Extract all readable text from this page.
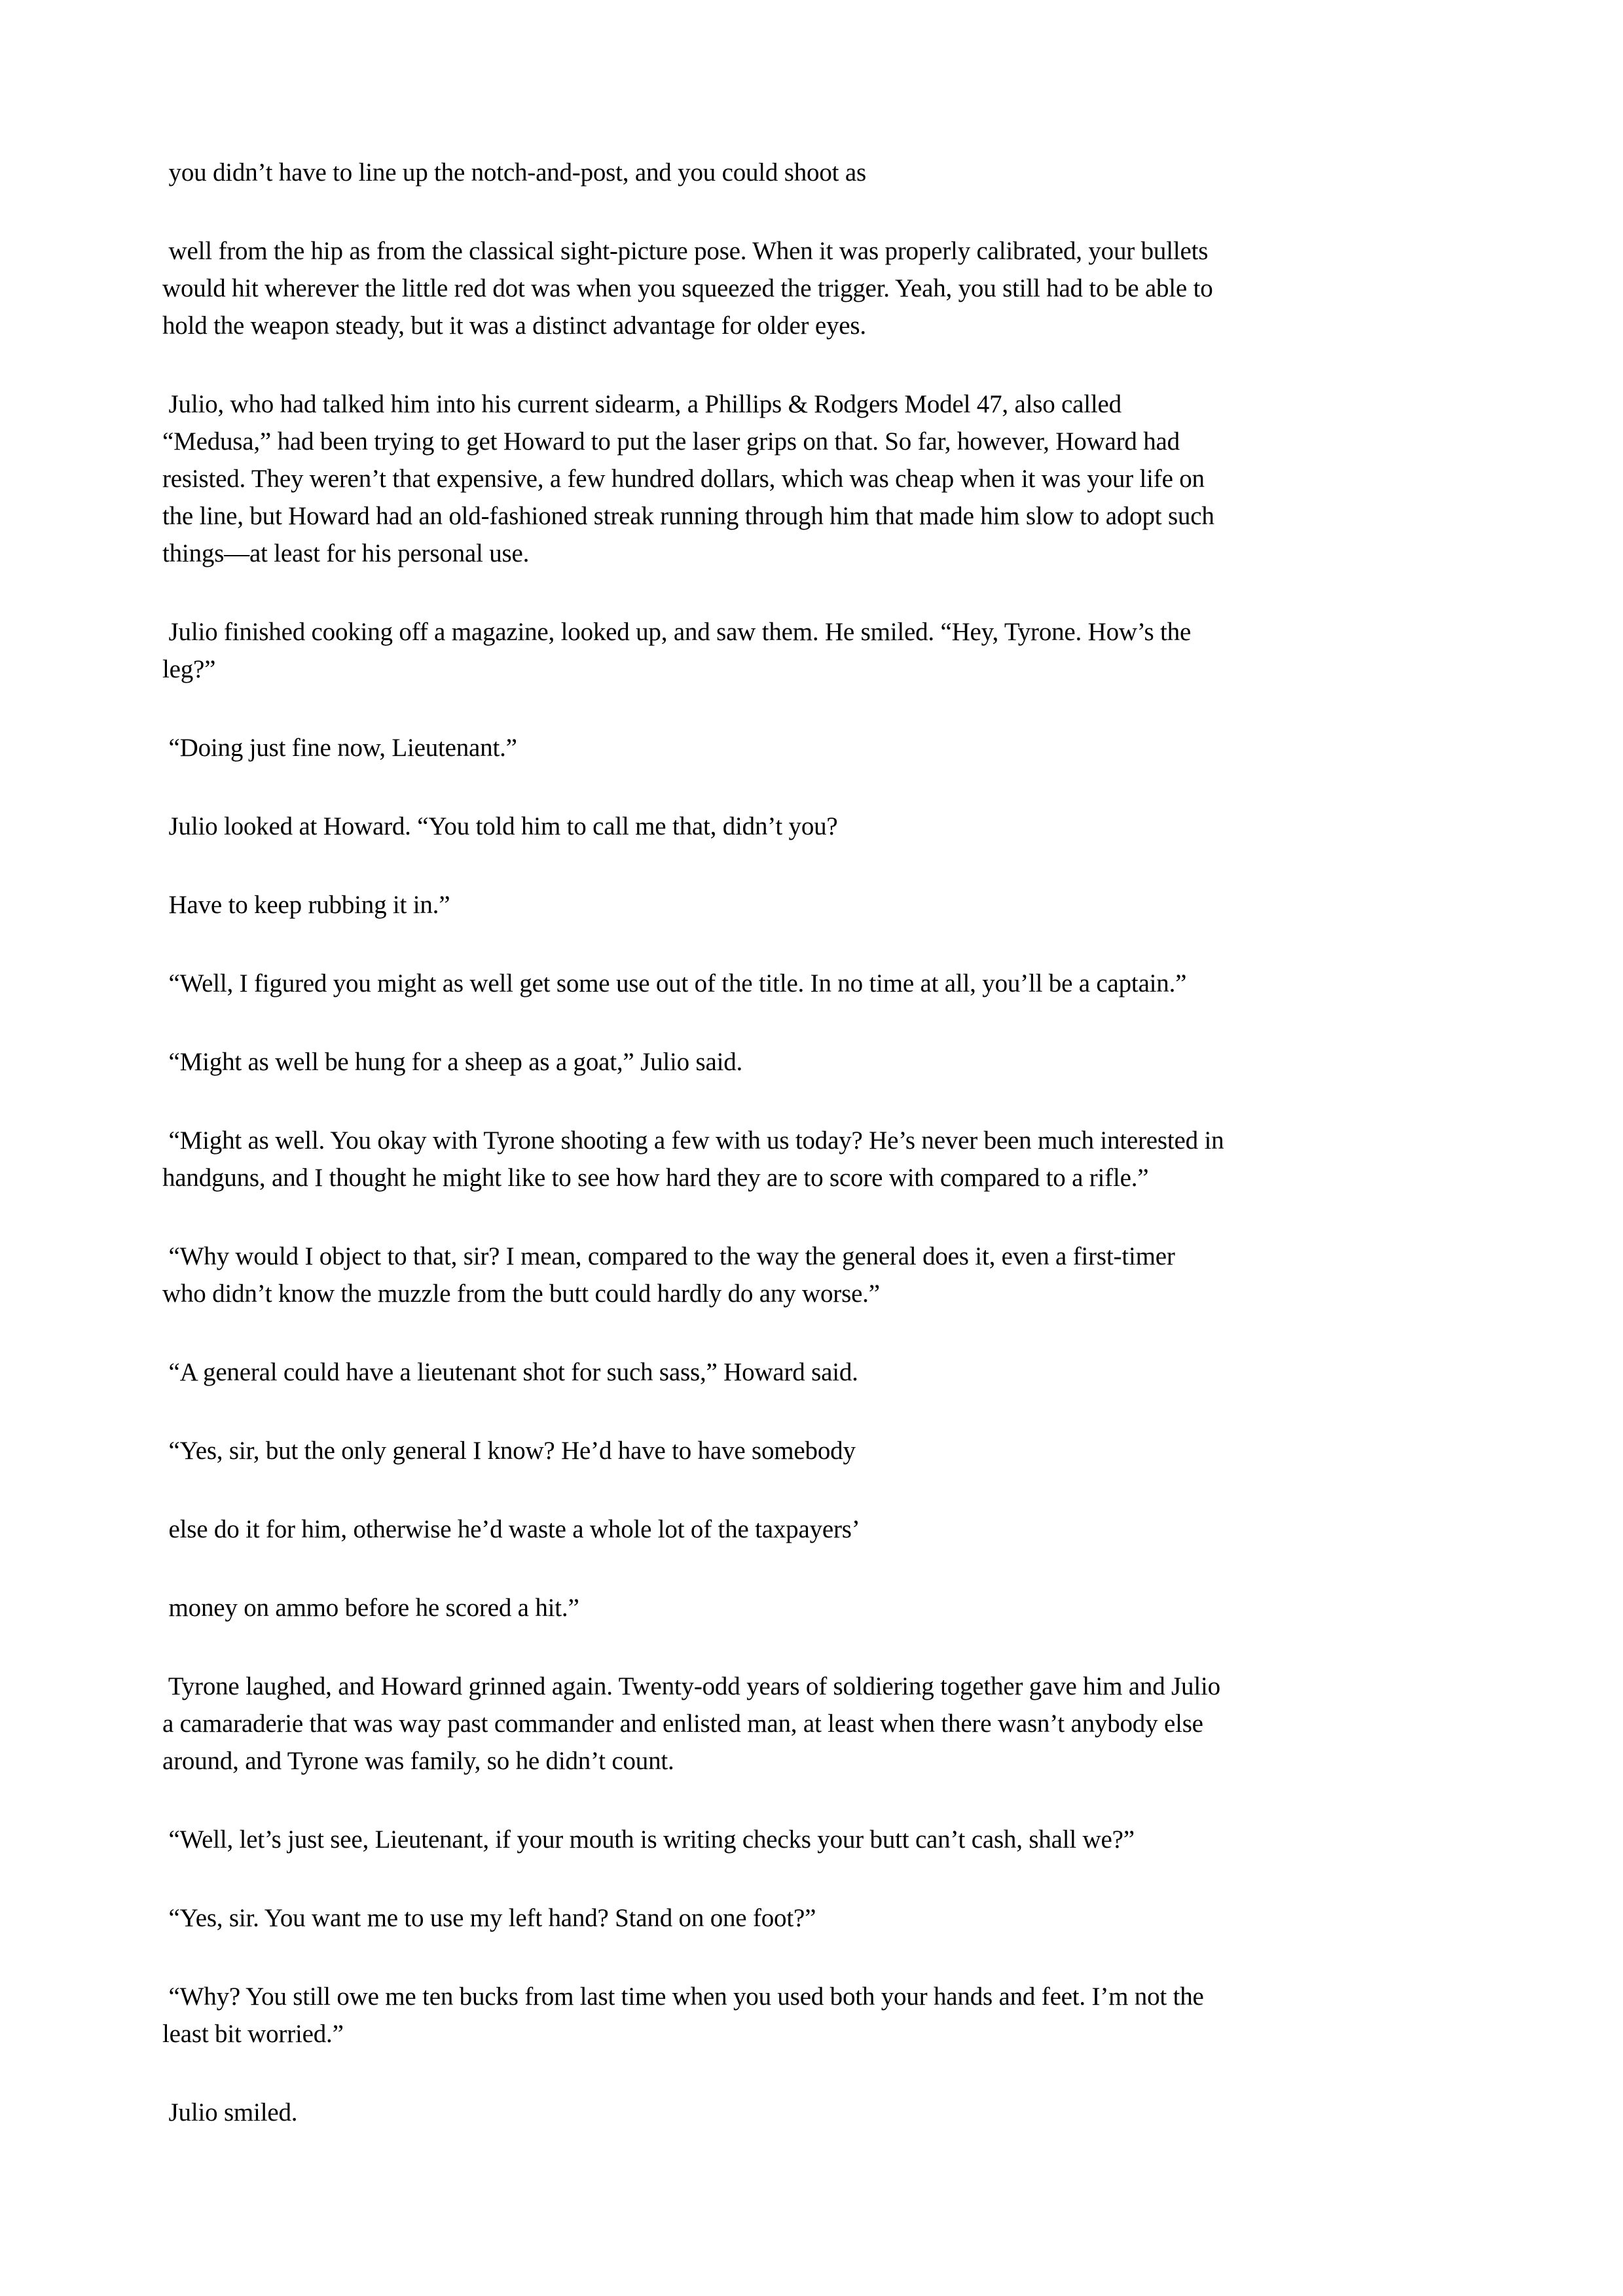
you didn’t have to line up the notch-and-post, and you could shoot as

well from the hip as from the classical sight-picture pose. When it was properly calibrated, your bullets
would hit wherever the little red dot was when you squeezed the trigger. Yeah, you still had to be able to
hold the weapon steady, but it was a distinct advantage for older eyes.

Julio, who had talked him into his current sidearm, a Phillips & Rodgers Model 47, also called
“Medusa,” had been trying to get Howard to put the laser grips on that. So far, however, Howard had
resisted. They weren’t that expensive, a few hundred dollars, which was cheap when it was your life on
the line, but Howard had an old-fashioned streak running through him that made him slow to adopt such
things—at least for his personal use.

Julio finished cooking off a magazine, looked up, and saw them. He smiled. “Hey, Tyrone. How’s the
leg?”

“Doing just fine now, Lieutenant.”

Julio looked at Howard. “You told him to call me that, didn’t you?

Have to keep rubbing it in.”

“Well, I figured you might as well get some use out of the title. In no time at all, you’ll be a captain.”

“Might as well be hung for a sheep as a goat,” Julio said.

“Might as well. You okay with Tyrone shooting a few with us today? He’s never been much interested in
handguns, and I thought he might like to see how hard they are to score with compared to a rifle.”

“Why would I object to that, sir? I mean, compared to the way the general does it, even a first-timer
who didn’t know the muzzle from the butt could hardly do any worse.”

“A general could have a lieutenant shot for such sass,” Howard said.

“Yes, sir, but the only general I know? He’d have to have somebody

else do it for him, otherwise he’d waste a whole lot of the taxpayers’

money on ammo before he scored a hit.”

Tyrone laughed, and Howard grinned again. Twenty-odd years of soldiering together gave him and Julio
a camaraderie that was way past commander and enlisted man, at least when there wasn’t anybody else
around, and Tyrone was family, so he didn’t count.

“Well, let’s just see, Lieutenant, if your mouth is writing checks your butt can’t cash, shall we?”

“Yes, sir. You want me to use my left hand? Stand on one foot?”

“Why? You still owe me ten bucks from last time when you used both your hands and feet. I’m not the
least bit worried.”

Julio smiled.
